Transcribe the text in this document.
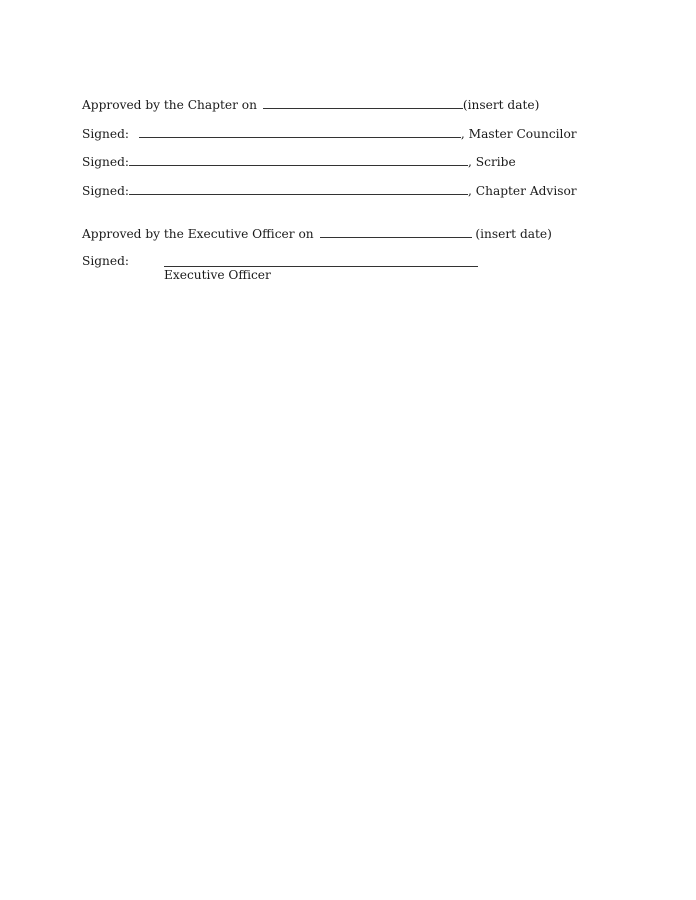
Approved by the Chapter on	(insert date)
Signed:	, Master Councilor
Signed:	, Scribe
Signed:	, Chapter Advisor
Approved by the Executive Officer on	(insert date)
Signed:
Executive Officer
